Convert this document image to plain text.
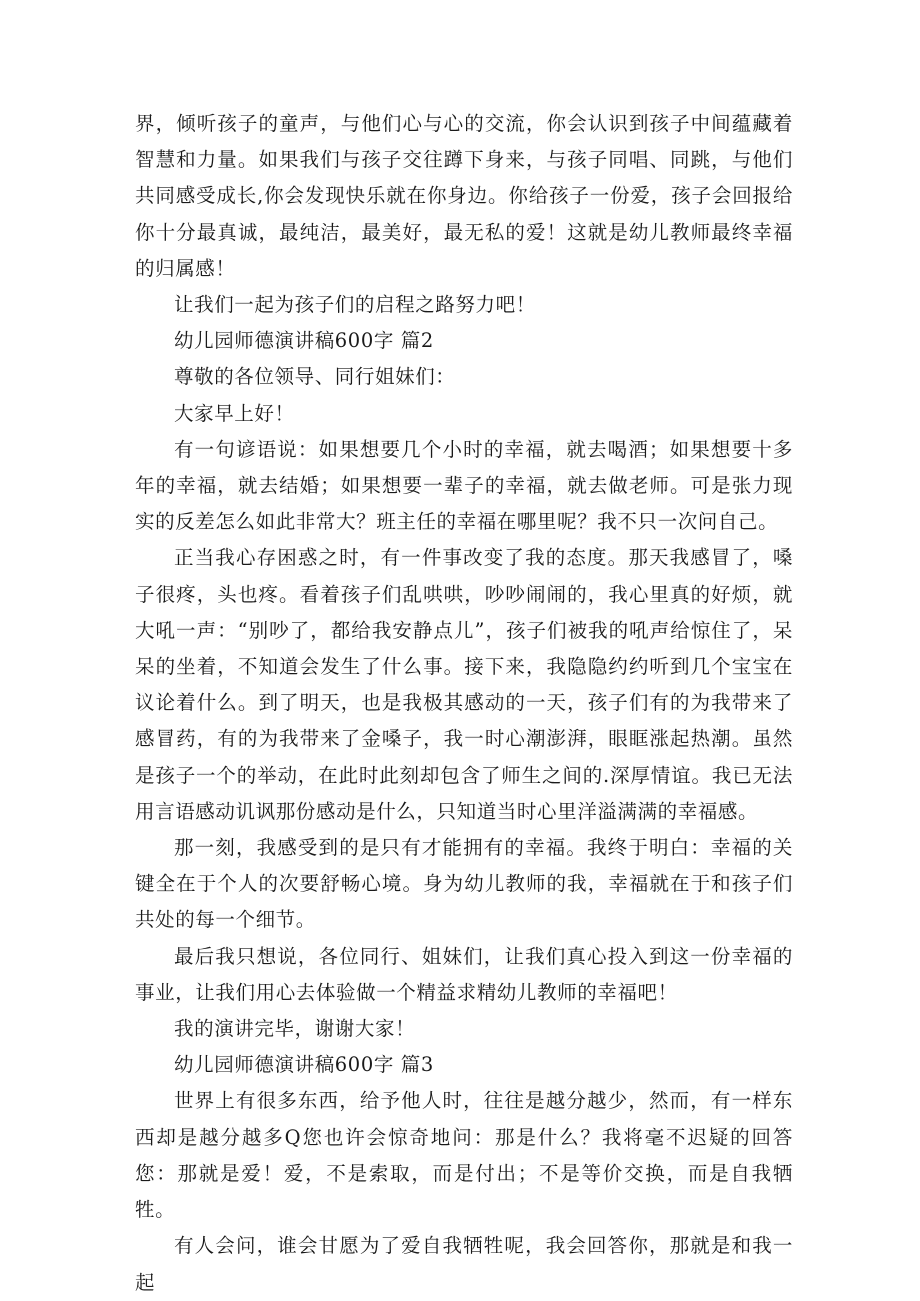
界，倾听孩子的童声，与他们心与心的交流，你会认识到孩子中间蕴藏着智慧和力量。如果我们与孩子交往蹲下身来，与孩子同唱、同跳，与他们共同感受成长,你会发现快乐就在你身边。你给孩子一份爱，孩子会回报给你十分最真诚，最纯洁，最美好，最无私的爱！这就是幼儿教师最终幸福的归属感！

让我们一起为孩子们的启程之路努力吧！

幼儿园师德演讲稿600字 篇2

尊敬的各位领导、同行姐妹们：

大家早上好！

有一句谚语说：如果想要几个小时的幸福，就去喝酒；如果想要十多年的幸福，就去结婚；如果想要一辈子的幸福，就去做老师。可是张力现实的反差怎么如此非常大？班主任的幸福在哪里呢？我不只一次问自己。

正当我心存困惑之时，有一件事改变了我的态度。那天我感冒了，嗓子很疼，头也疼。看着孩子们乱哄哄，吵吵闹闹的，我心里真的好烦，就大吼一声：“别吵了，都给我安静点儿”，孩子们被我的吼声给惊住了，呆呆的坐着，不知道会发生了什么事。接下来，我隐隐约约听到几个宝宝在议论着什么。到了明天，也是我极其感动的一天，孩子们有的为我带来了感冒药，有的为我带来了金嗓子，我一时心潮澎湃，眼眶涨起热潮。虽然是孩子一个的举动，在此时此刻却包含了师生之间的.深厚情谊。我已无法用言语感动讥讽那份感动是什么，只知道当时心里洋溢满满的幸福感。

那一刻，我感受到的是只有才能拥有的幸福。我终于明白：幸福的关键全在于个人的次要舒畅心境。身为幼儿教师的我，幸福就在于和孩子们共处的每一个细节。

最后我只想说，各位同行、姐妹们，让我们真心投入到这一份幸福的事业，让我们用心去体验做一个精益求精幼儿教师的幸福吧！

我的演讲完毕，谢谢大家！

幼儿园师德演讲稿600字 篇3

世界上有很多东西，给予他人时，往往是越分越少，然而，有一样东西却是越分越多Q您也许会惊奇地问：那是什么？我将毫不迟疑的回答您：那就是爱！爱，不是索取，而是付出；不是等价交换，而是自我牺牲。

有人会问，谁会甘愿为了爱自我牺牲呢，我会回答你，那就是和我一起
